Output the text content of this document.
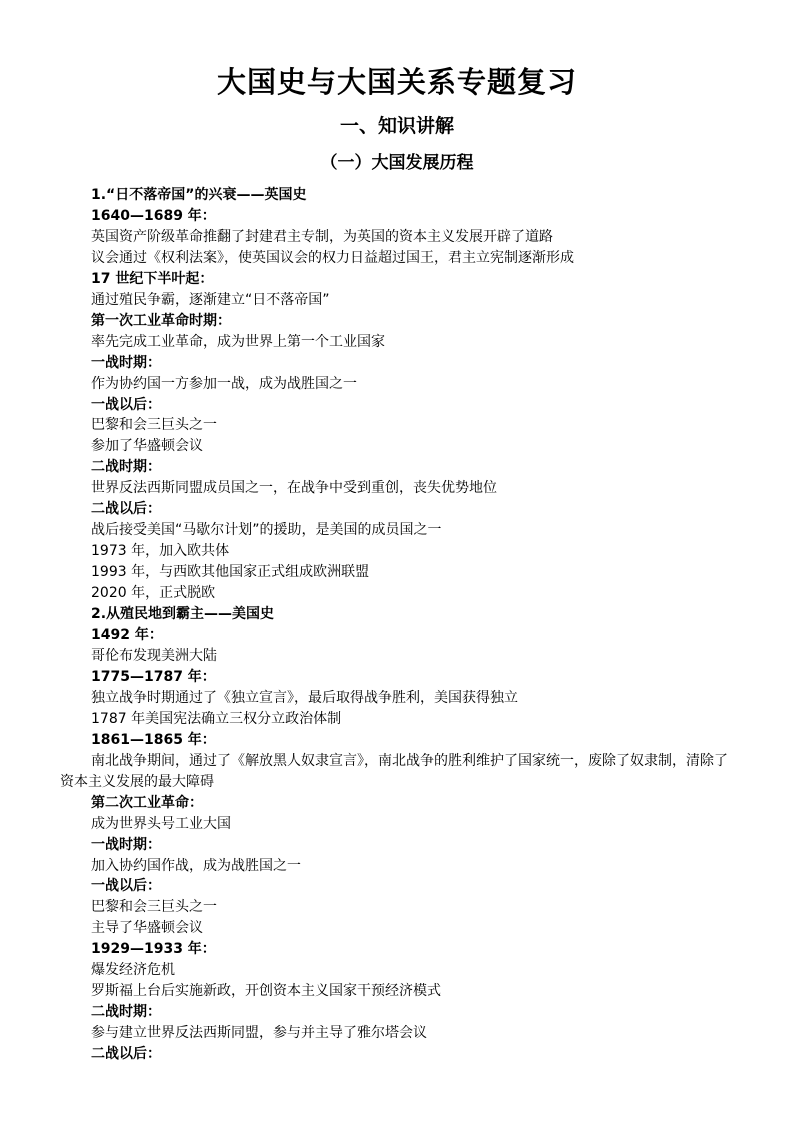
大国史与大国关系专题复习
一、知识讲解
（一）大国发展历程
1.“日不落帝国”的兴衰——英国史
1640—1689 年：
英国资产阶级革命推翻了封建君主专制，为英国的资本主义发展开辟了道路
议会通过《权利法案》，使英国议会的权力日益超过国王，君主立宪制逐渐形成
17 世纪下半叶起：
通过殖民争霸，逐渐建立“日不落帝国”
第一次工业革命时期：
率先完成工业革命，成为世界上第一个工业国家
一战时期：
作为协约国一方参加一战，成为战胜国之一
一战以后：
巴黎和会三巨头之一
参加了华盛顿会议
二战时期：
世界反法西斯同盟成员国之一，在战争中受到重创，丧失优势地位
二战以后：
战后接受美国“马歇尔计划”的援助，是美国的成员国之一
1973 年，加入欧共体
1993 年，与西欧其他国家正式组成欧洲联盟
2020 年，正式脱欧
2.从殖民地到霸主——美国史
1492 年：
哥伦布发现美洲大陆
1775—1787 年：
独立战争时期通过了《独立宣言》，最后取得战争胜利，美国获得独立
1787 年美国宪法确立三权分立政治体制
1861—1865 年：
南北战争期间，通过了《解放黑人奴隶宣言》，南北战争的胜利维护了国家统一，废除了奴隶制，清除了资本主义发展的最大障碍
第二次工业革命：
成为世界头号工业大国
一战时期：
加入协约国作战，成为战胜国之一
一战以后：
巴黎和会三巨头之一
主导了华盛顿会议
1929—1933 年：
爆发经济危机
罗斯福上台后实施新政，开创资本主义国家干预经济模式
二战时期：
参与建立世界反法西斯同盟，参与并主导了雅尔塔会议
二战以后：
